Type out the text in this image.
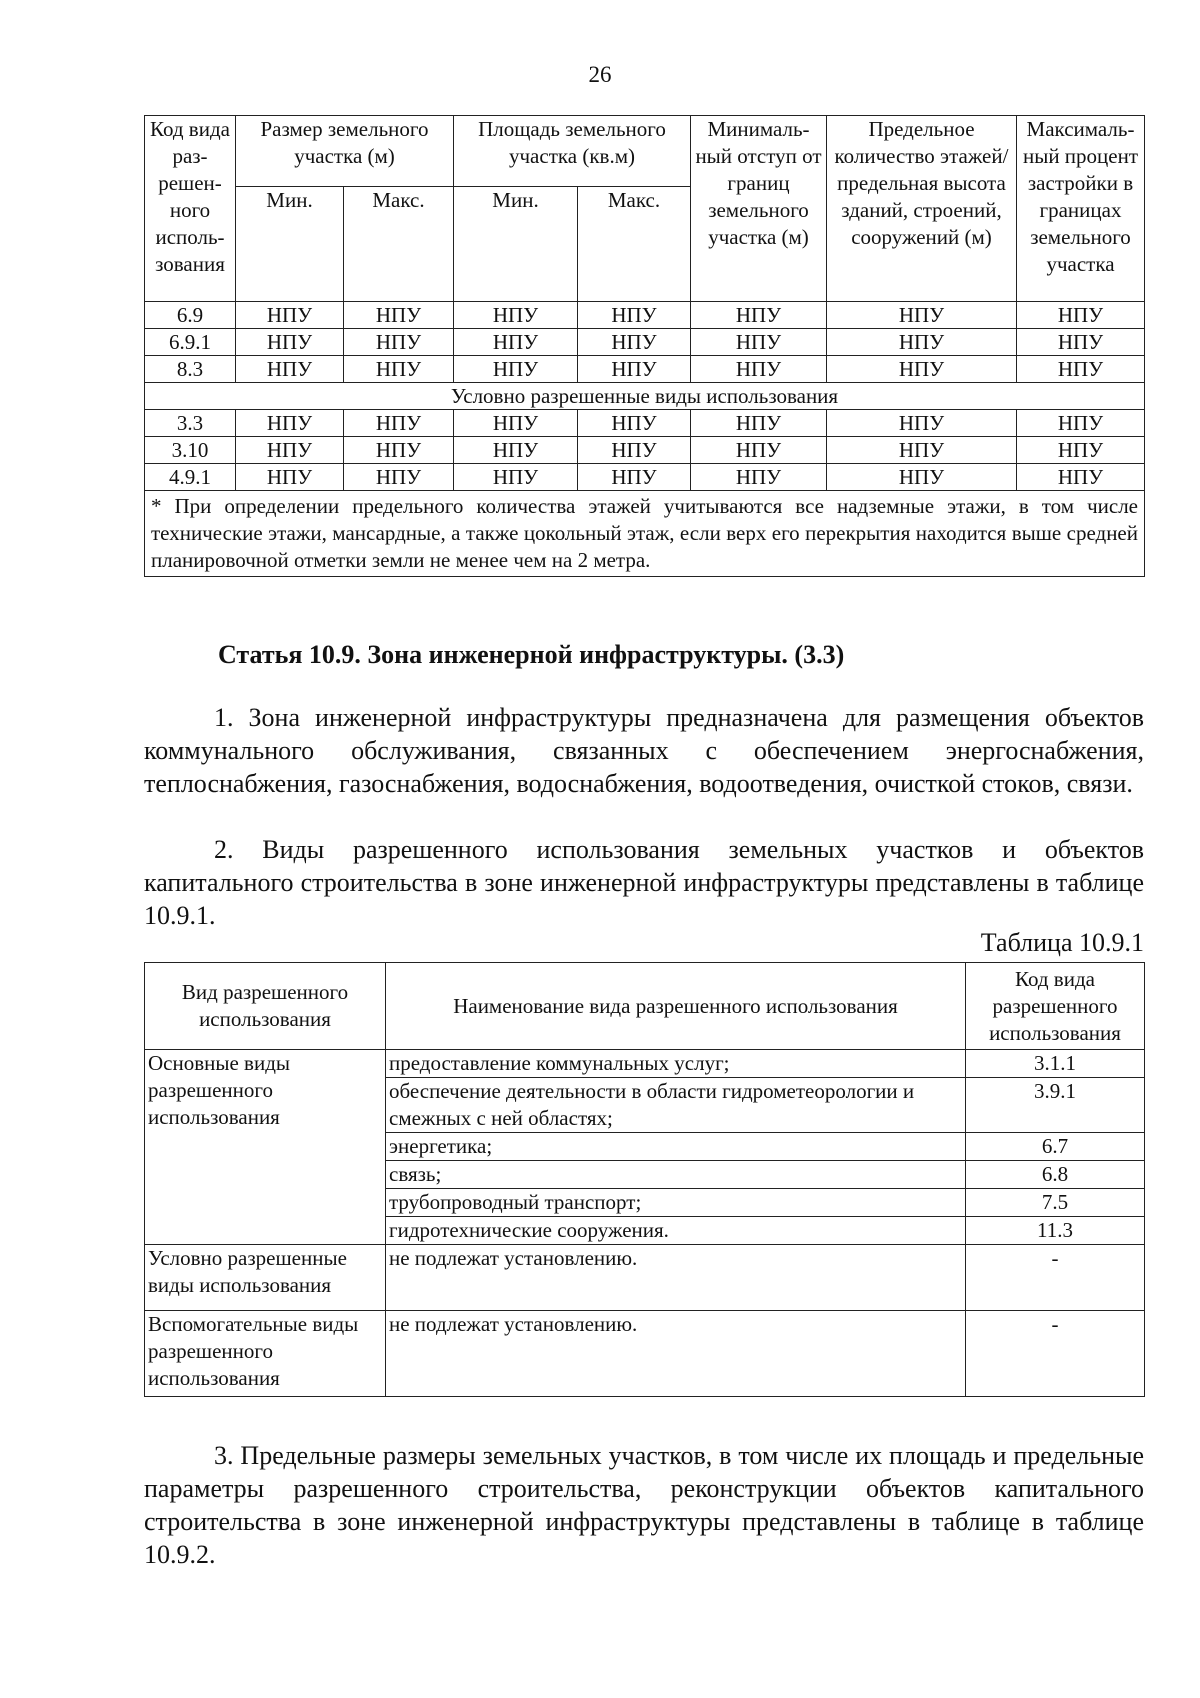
26
Код вида раз-решен-ного исполь-зования	Размер земельного участка (м)		Площадь земельного участка (кв.м)		Минималь-ный отступ от границ земельного участка (м)	Предельное количество этажей/ предельная высота зданий, строений, сооружений (м)	Максималь-ный процент застройки в границах земельного участка
	Мин.	Макс.	Мин.	Макс.			
6.9	НПУ	НПУ	НПУ	НПУ	НПУ	НПУ	НПУ
6.9.1	НПУ	НПУ	НПУ	НПУ	НПУ	НПУ	НПУ
8.3	НПУ	НПУ	НПУ	НПУ	НПУ	НПУ	НПУ
Условно разрешенные виды использования							
3.3	НПУ	НПУ	НПУ	НПУ	НПУ	НПУ	НПУ
3.10	НПУ	НПУ	НПУ	НПУ	НПУ	НПУ	НПУ
4.9.1	НПУ	НПУ	НПУ	НПУ	НПУ	НПУ	НПУ
* При определении предельного количества этажей учитываются все надземные этажи, в том числе технические этажи, мансардные, а также цокольный этаж, если верх его перекрытия находится выше средней планировочной отметки земли не менее чем на 2 метра.							
Статья 10.9. Зона инженерной инфраструктуры. (3.3)

1. Зона инженерной инфраструктуры предназначена для размещения объектов коммунального обслуживания, связанных с обеспечением энергоснабжения, теплоснабжения, газоснабжения, водоснабжения, водоотведения, очисткой стоков, связи.

2. Виды разрешенного использования земельных участков и объектов капитального строительства в зоне инженерной инфраструктуры представлены в таблице 10.9.1.

Таблица 10.9.1
Вид разрешенного использования	Наименование вида разрешенного использования	Код вида разрешенного использования
Основные виды разрешенного использования	предоставление коммунальных услуг;	3.1.1
	обеспечение деятельности в области гидрометеорологии и смежных с ней областях;	3.9.1
	энергетика;	6.7
	связь;	6.8
	трубопроводный транспорт;	7.5
	гидротехнические сооружения.	11.3
Условно разрешенные виды использования	не подлежат установлению.	-
Вспомогательные виды разрешенного использования	не подлежат установлению.	-

3. Предельные размеры земельных участков, в том числе их площадь и предельные параметры разрешенного строительства, реконструкции объектов капитального строительства в зоне инженерной инфраструктуры представлены в таблице в таблице 10.9.2.
